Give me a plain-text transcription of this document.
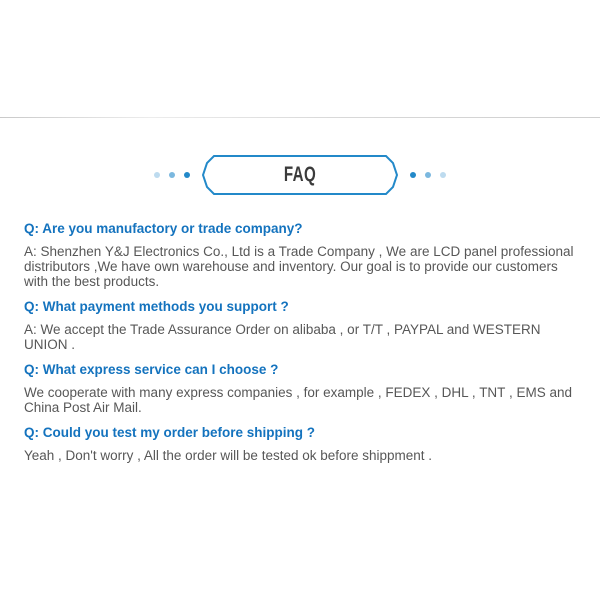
FAQ
Q: Are you manufactory or trade company?

A: Shenzhen Y&J Electronics Co., Ltd is a Trade Company , We are LCD panel professional distributors ,We have own warehouse and inventory. Our goal is to provide our customers with the best products.

Q: What payment methods you support ?

A: We accept the Trade Assurance Order on alibaba , or T/T , PAYPAL and WESTERN UNION .

Q: What express service can I choose ?

We cooperate with many express companies , for example , FEDEX , DHL , TNT , EMS and China Post Air Mail.

Q: Could you test my order before shipping ?

Yeah , Don't worry , All the order will be tested ok before shippment .
